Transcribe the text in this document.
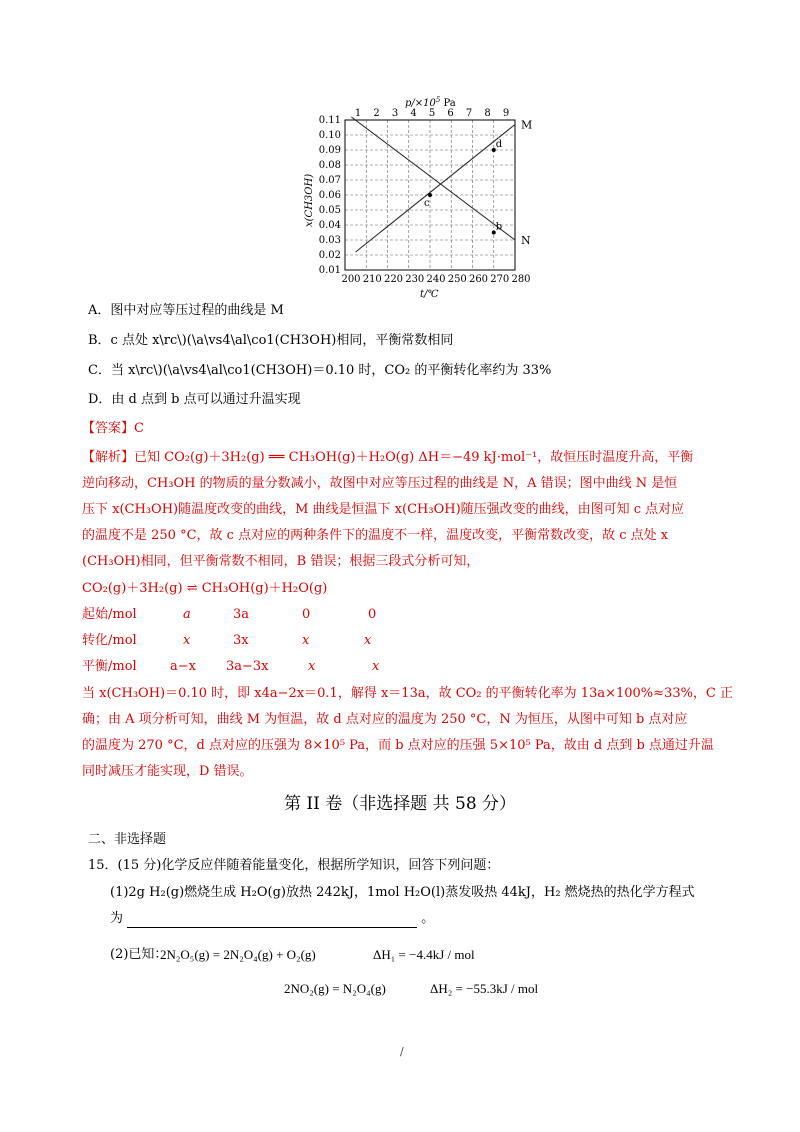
$p/\times 10^5$ Pa
1 2 3 4 5 6 7 8 9
0.11
0.10
0.09
0.08
0.07
0.06
0.05
0.04
0.03
0.02
0.01
200 210 220 230 240 250 260 270 280
M
N
c
d
b
x(CH3OH)
t/℃
A．图中对应等压过程的曲线是 M
B．c 点处 x\rc\)(\a\vs4\al\co1(CH3OH)相同，平衡常数相同
C．当 x\rc\)(\a\vs4\al\co1(CH3OH)＝0.10 时，CO₂ 的平衡转化率约为 33%
D．由 d 点到 b 点可以通过升温实现
【答案】C
【解析】已知 CO₂(g)＋3H₂(g) ══ CH₃OH(g)＋H₂O(g) ΔH＝−49 kJ·mol⁻¹，故恒压时温度升高，平衡
逆向移动，CH₃OH 的物质的量分数减小，故图中对应等压过程的曲线是 N，A 错误；图中曲线 N 是恒
压下 x(CH₃OH)随温度改变的曲线，M 曲线是恒温下 x(CH₃OH)随压强改变的曲线，由图可知 c 点对应
的温度不是 250 °C，故 c 点对应的两种条件下的温度不一样，温度改变，平衡常数改变，故 c 点处 x
(CH₃OH)相同，但平衡常数不相同，B 错误；根据三段式分析可知，
CO₂(g)＋3H₂(g) ⇌ CH₃OH(g)＋H₂O(g)
起始/mol	a	3a	0	0
转化/mol	x	3x	x	x
平衡/mol	a−x 3a−3x	x	x
当 x(CH₃OH)＝0.10 时，即 x4a−2x＝0.1，解得 x＝13a，故 CO₂ 的平衡转化率为 13a×100%≈33%，C 正
确；由 A 项分析可知，曲线 M 为恒温，故 d 点对应的温度为 250 °C，N 为恒压，从图中可知 b 点对应
的温度为 270 °C，d 点对应的压强为 8×10⁵ Pa，而 b 点对应的压强 5×10⁵ Pa，故由 d 点到 b 点通过升温
同时减压才能实现，D 错误。
第 II 卷（非选择题 共 58 分）
二、非选择题
15．(15 分)化学反应伴随着能量变化，根据所学知识，回答下列问题：
(1)2g H₂(g)燃烧生成 H₂O(g)放热 242kJ，1mol H₂O(l)蒸发吸热 44kJ，H₂ 燃烧热的热化学方程式
为	。
(2)已知：
2N₂O₅(g) = 2N₂O₄(g) + O₂(g)	ΔH₁ = −4.4kJ / mol
2NO₂(g) = N₂O₄(g)	ΔH₂ = −55.3kJ / mol
/
